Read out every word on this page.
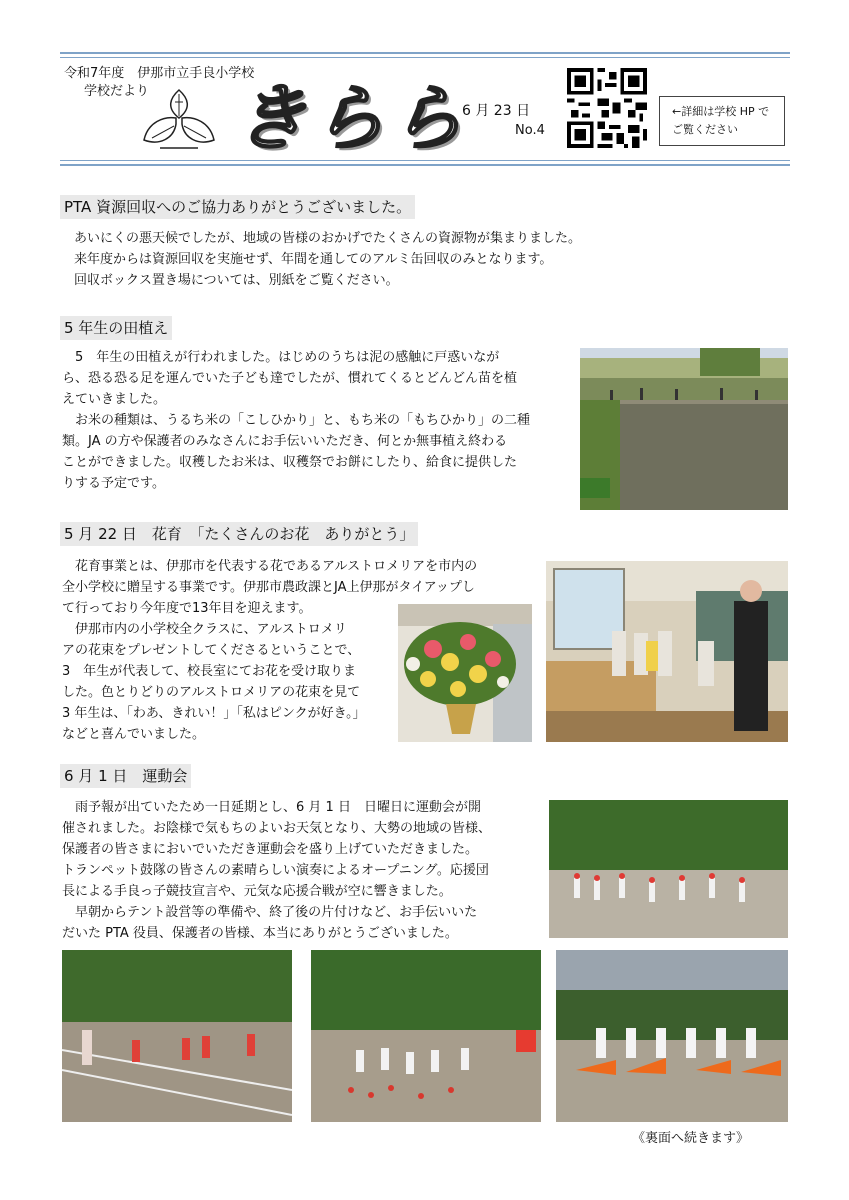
令和7年度　伊那市立手良小学校
学校だより きらら
6 月 23 日
No.4
←詳細は学校 HP で
ご覧ください
PTA 資源回収へのご協力ありがとうございました。
あいにくの悪天候でしたが、地域の皆様のおかげでたくさんの資源物が集まりました。
来年度からは資源回収を実施せず、年間を通してのアルミ缶回収のみとなります。
回収ボックス置き場については、別紙をご覧ください。
5 年生の田植え
　5　年生の田植えが行われました。はじめのうちは泥の感触に戸惑いなが
ら、恐る恐る足を運んでいた子ども達でしたが、慣れてくるとどんどん苗を植
えていきました。
　お米の種類は、うるち米の「こしひかり」と、もち米の「もちひかり」の二種
類。JA の方や保護者のみなさんにお手伝いいただき、何とか無事植え終わる
ことができました。収穫したお米は、収穫祭でお餅にしたり、給食に提供した
りする予定です。
5 月 22 日　花育　「たくさんのお花　ありがとう」
　花育事業とは、伊那市を代表する花であるアルストロメリアを市内の
全小学校に贈呈する事業です。伊那市農政課とJA上伊那がタイアップし
て行っており今年度で13年目を迎えます。
　伊那市内の小学校全クラスに、アルストロメリ
アの花束をプレゼントしてくださるということで、
3　年生が代表して、校長室にてお花を受け取りま
した。色とりどりのアルストロメリアの花束を見て
3 年生は、「わあ、きれい！」「私はピンクが好き。」
などと喜んでいました。
6 月 1 日　運動会
　雨予報が出ていたため一日延期とし、6 月 1 日　日曜日に運動会が開
催されました。お陰様で気もちのよいお天気となり、大勢の地域の皆様、
保護者の皆さまにおいでいただき運動会を盛り上げていただきました。
トランペット鼓隊の皆さんの素晴らしい演奏によるオープニング。応援団
長による手良っ子競技宣言や、元気な応援合戦が空に響きました。
　早朝からテント設営等の準備や、終了後の片付けなど、お手伝いいた
だいた PTA 役員、保護者の皆様、本当にありがとうございました。
《裏面へ続きます》
